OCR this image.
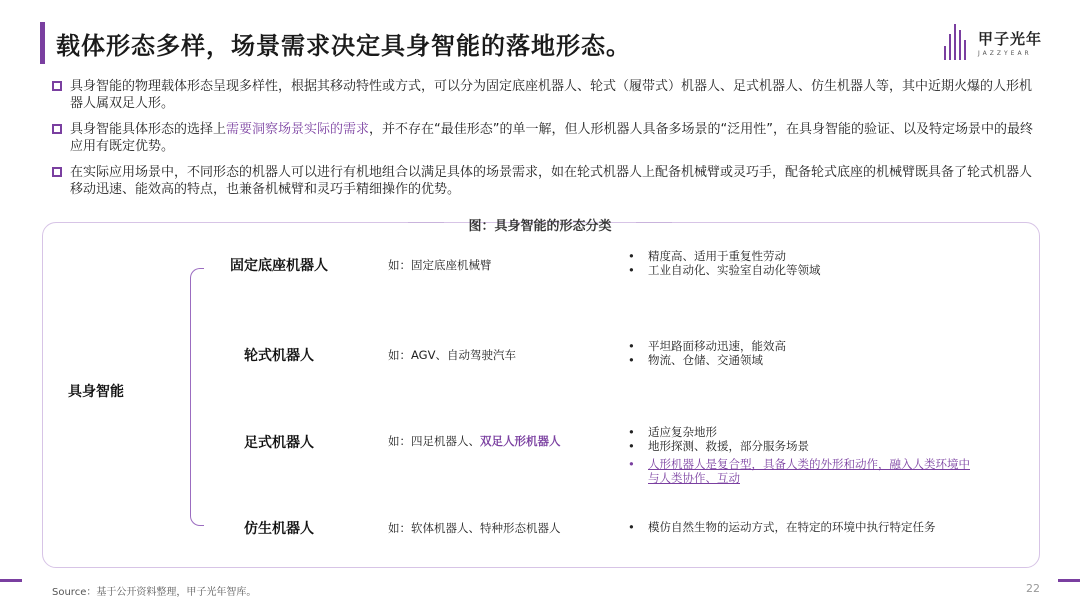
载体形态多样，场景需求决定具身智能的落地形态。	甲子光年
JAZZYEAR
具身智能的物理载体形态呈现多样性，根据其移动特性或方式，可以分为固定底座机器人、轮式（履带式）机器人、足式机器人、仿生机器人等，其中近期火爆的人形机器人属双足人形。
具身智能具体形态的选择上需要洞察场景实际的需求，并不存在“最佳形态”的单一解，但人形机器人具备多场景的“泛用性”，在具身智能的验证、以及特定场景中的最终应用有既定优势。
在实际应用场景中，不同形态的机器人可以进行有机地组合以满足具体的场景需求，如在轮式机器人上配备机械臂或灵巧手，配备轮式底座的机械臂既具备了轮式机器人移动迅速、能效高的特点，也兼备机械臂和灵巧手精细操作的优势。
图：具身智能的形态分类
具身智能
固定底座机器人	如：固定底座机械臂
• 精度高、适用于重复性劳动
• 工业自动化、实验室自动化等领域
轮式机器人	如：AGV、自动驾驶汽车
• 平坦路面移动迅速，能效高
• 物流、仓储、交通领域
足式机器人	如：四足机器人、双足人形机器人
• 适应复杂地形
• 地形探测、救援，部分服务场景
• 人形机器人是复合型，具备人类的外形和动作，融入人类环境中与人类协作、互动
仿生机器人	如：软体机器人、特种形态机器人
•	模仿自然生物的运动方式，在特定的环境中执行特定任务
Source：基于公开资料整理，甲子光年智库。	22
